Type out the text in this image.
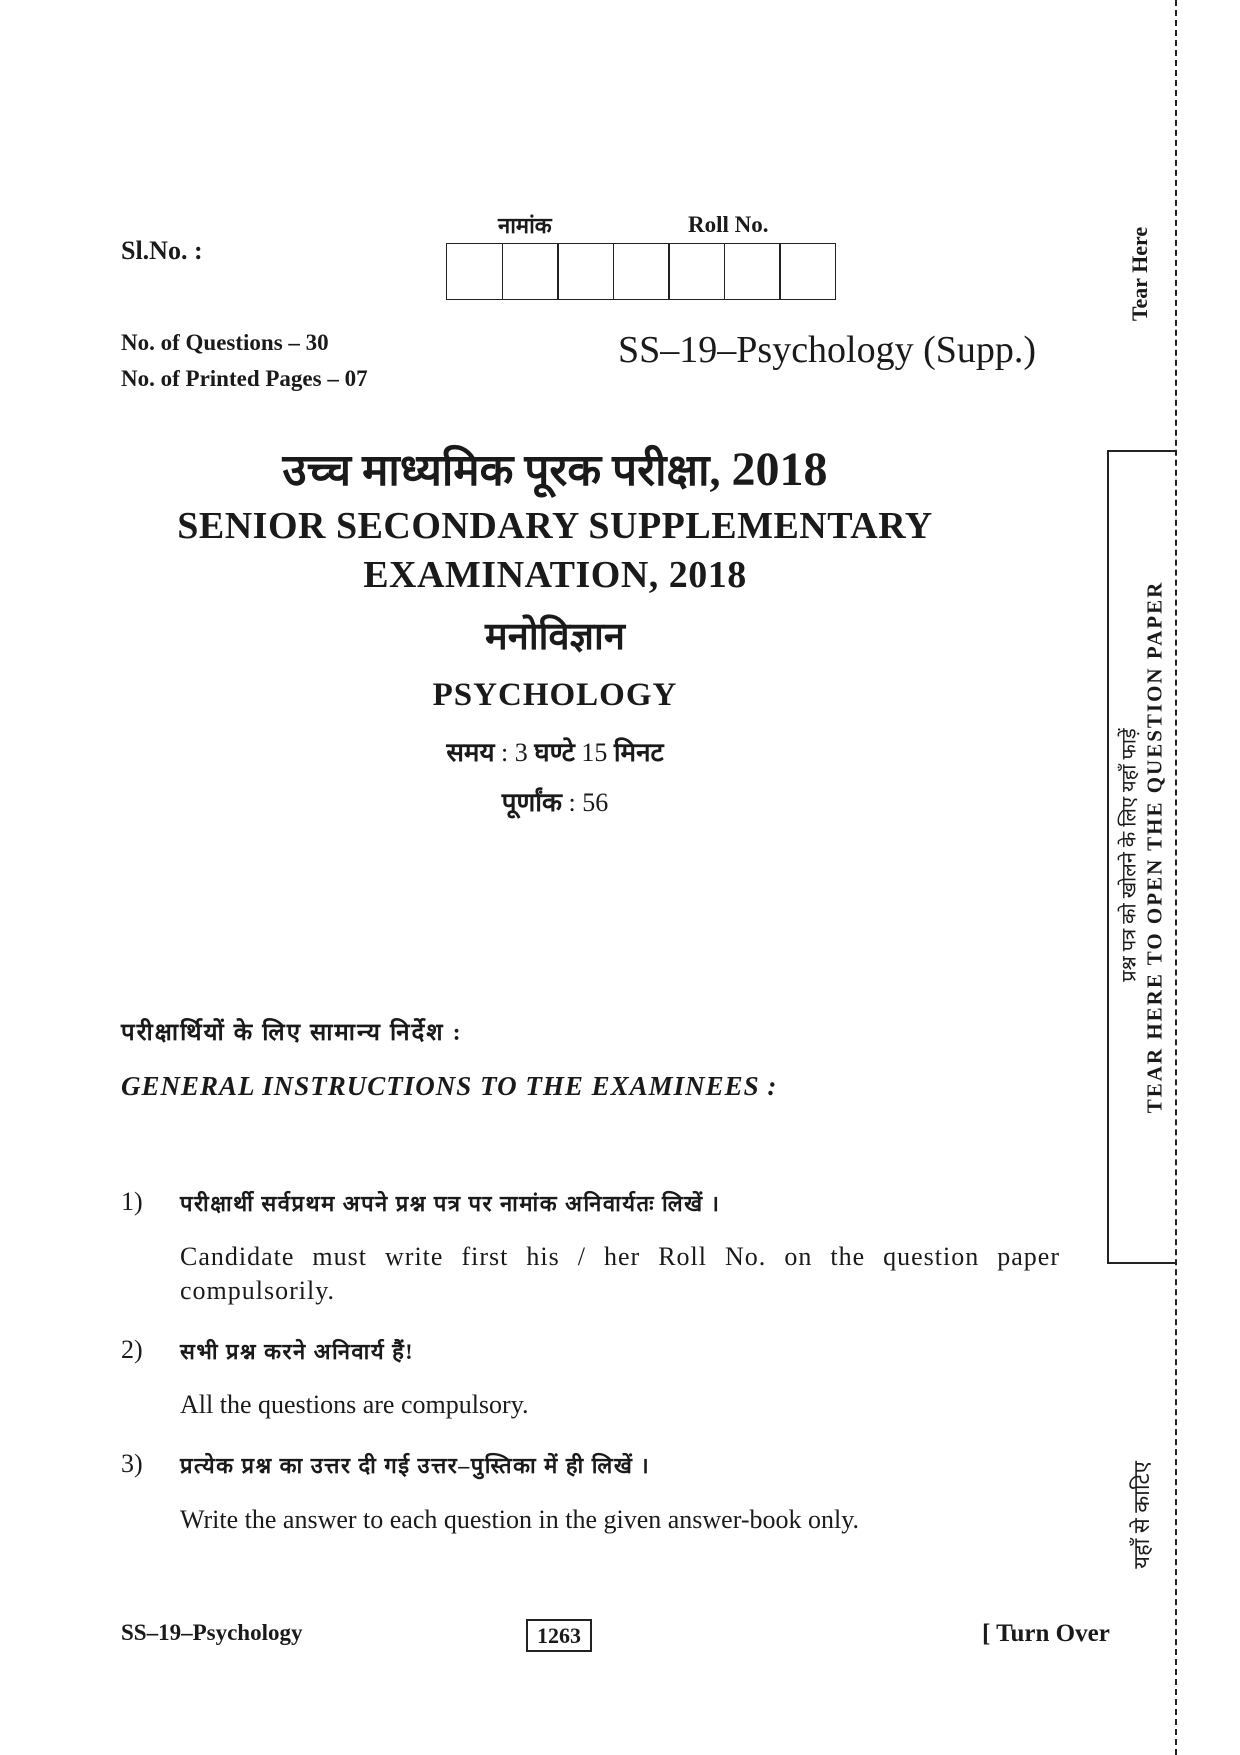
Sl.No. :
नामांक	Roll No.
No. of Questions – 30
No. of Printed Pages – 07
SS–19–Psychology (Supp.)
उच्च माध्यमिक पूरक परीक्षा, 2018
SENIOR SECONDARY SUPPLEMENTARY
EXAMINATION, 2018
मनोविज्ञान
PSYCHOLOGY
समय : 3 घण्टे 15 मिनट
पूर्णांक : 56
परीक्षार्थियों के लिए सामान्य निर्देश :
GENERAL INSTRUCTIONS TO THE EXAMINEES :
1) परीक्षार्थी सर्वप्रथम अपने प्रश्न पत्र पर नामांक अनिवार्यतः लिखें ।
Candidate must write first his / her Roll No. on the question paper compulsorily.
2) सभी प्रश्न करने अनिवार्य हैं!
All the questions are compulsory.
3) प्रत्येक प्रश्न का उत्तर दी गई उत्तर–पुस्तिका में ही लिखें ।
Write the answer to each question in the given answer-book only.
SS–19–Psychology	1263	[ Turn Over
Tear Here
TEAR HERE TO OPEN THE QUESTION PAPER
प्रश्न पत्र को खोलने के लिए यहाँ फाड़ें
यहाँ से काटिए
